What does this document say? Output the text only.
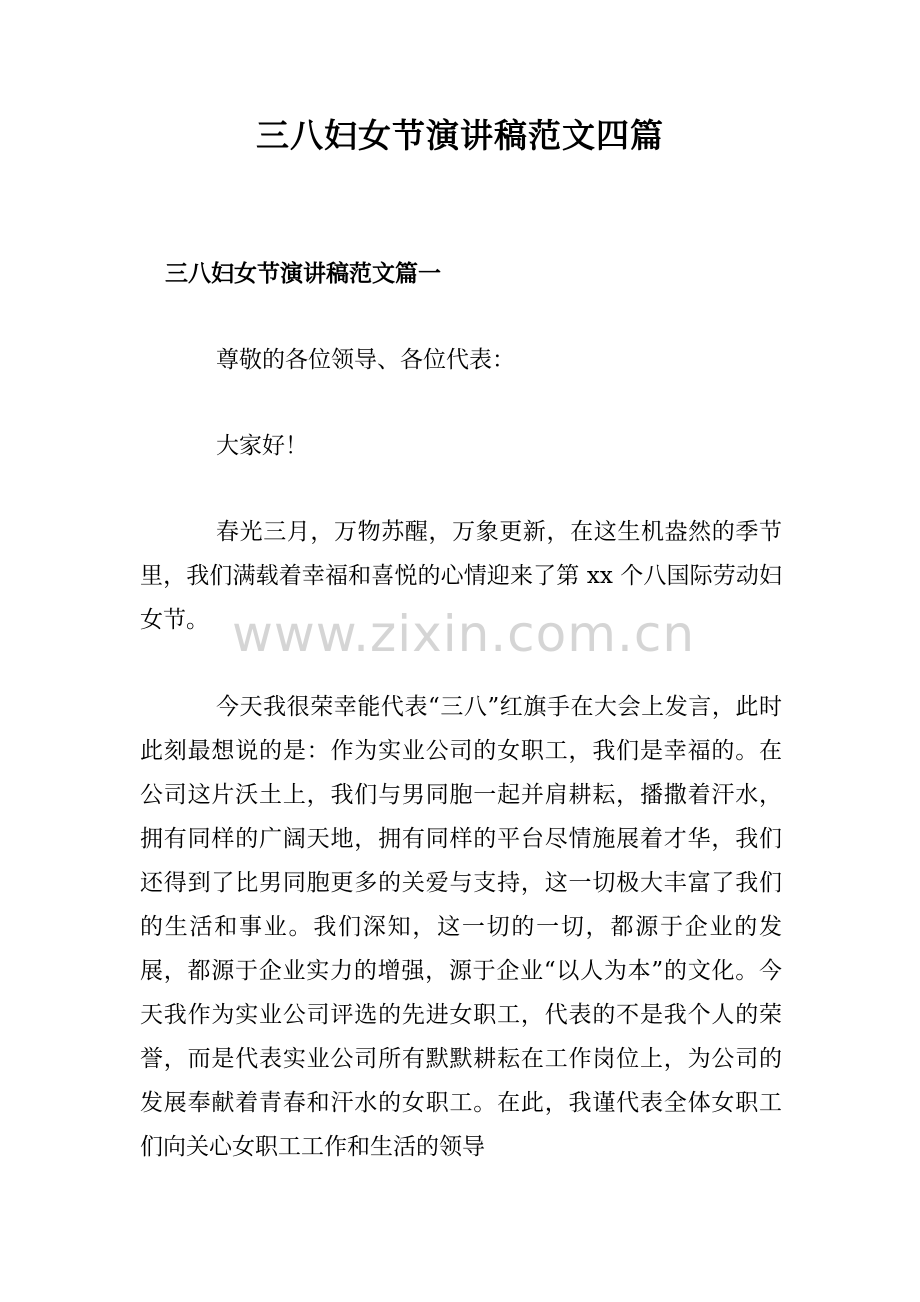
三八妇女节演讲稿范文四篇
三八妇女节演讲稿范文篇一

尊敬的各位领导、各位代表：

大家好！

春光三月，万物苏醒，万象更新，在这生机盎然的季节里，我们满载着幸福和喜悦的心情迎来了第 xx 个八国际劳动妇女节。

今天我很荣幸能代表“三八”红旗手在大会上发言，此时此刻最想说的是：作为实业公司的女职工，我们是幸福的。在公司这片沃土上，我们与男同胞一起并肩耕耘，播撒着汗水，拥有同样的广阔天地，拥有同样的平台尽情施展着才华，我们还得到了比男同胞更多的关爱与支持，这一切极大丰富了我们的生活和事业。我们深知，这一切的一切，都源于企业的发展，都源于企业实力的增强，源于企业“以人为本”的文化。今天我作为实业公司评选的先进女职工，代表的不是我个人的荣誉，而是代表实业公司所有默默耕耘在工作岗位上，为公司的发展奉献着青春和汗水的女职工。在此，我谨代表全体女职工们向关心女职工工作和生活的领导

www.zixin.com.cn
